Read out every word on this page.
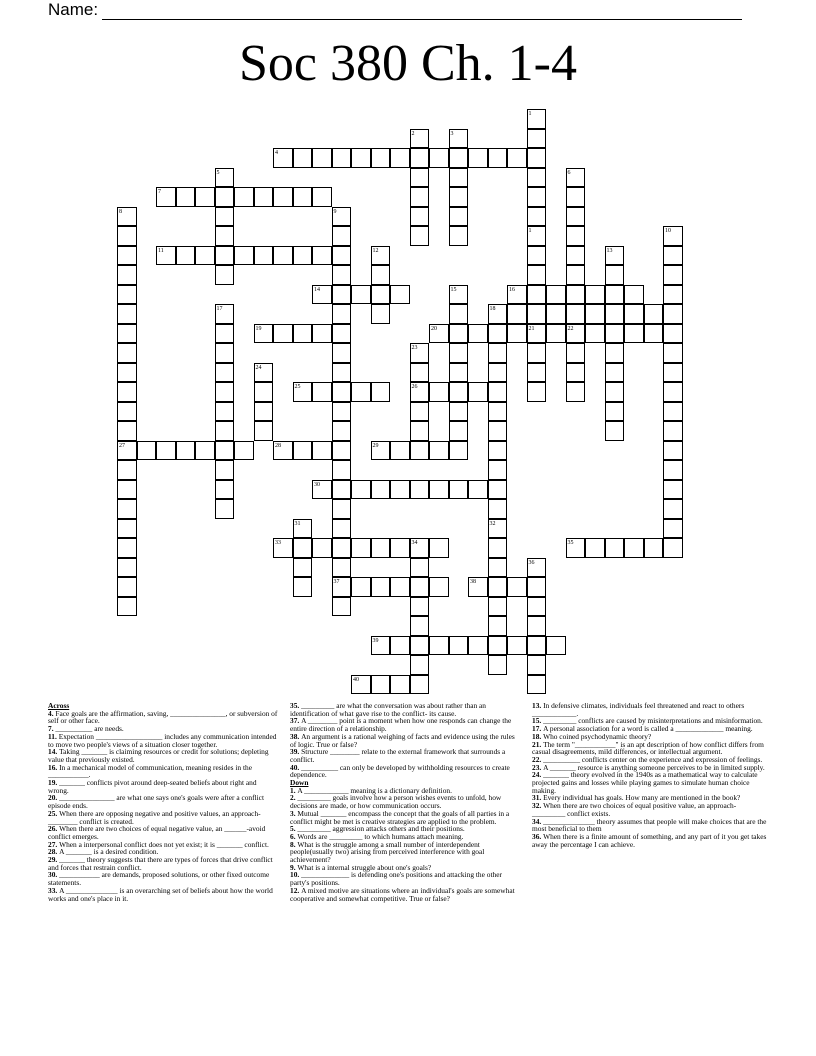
Name:
Soc 380 Ch. 1-4
1
1
21
2	3
4
5	6
7
8
27
9
37
10
11	12	13
14	15	16
17	18
32
19	20	22
23
26
24
25
28	29
30
31
33	34	35
36
38
39
40

Across

4. Face goals are the affirmation, saving, _______________, or subversion of self or other face.

7. __________ are needs.

11. Expectation __________________ includes any communication intended to move two people's views of a situation closer together.

14. Taking _______ is claiming resources or credit for solutions; depleting value that previously existed.

16. In a mechanical model of communication, meaning resides in the ___________.

19. _______ conflicts pivot around deep-seated beliefs about right and wrong.

20. _______________ are what one says one's goals were after a conflict episode ends.

25. When there are opposing negative and positive values, an approach-________ conflict is created.

26. When there are two choices of equal negative value, an ______-avoid conflict emerges.

27. When a interpersonal conflict does not yet exist; it is _______ conflict.

28. A _______ is a desired condition.

29. _______ theory suggests that there are types of forces that drive conflict and forces that restrain conflict.

30. ___________ are demands, proposed solutions, or other fixed outcome statements.

33. A ______________ is an overarching set of beliefs about how the world works and one's place in it.

35. _________ are what the conversation was about rather than an identification of what gave rise to the conflict- its cause.

37. A ________ point is a moment when how one responds can change the entire direction of a relationship.

38. An argument is a rational weighing of facts and evidence using the rules of logic. True or false?

39. Structure ________ relate to the external framework that surrounds a conflict.

40. __________ can only be developed by withholding resources to create dependence.

Down

1. A ____________ meaning is a dictionary definition.

2. _________ goals involve how a person wishes events to unfold, how decisions are made, or how communication occurs.

3. Mutual _______ encompass the concept that the goals of all parties in a conflict might be met is creative strategies are applied to the problem.

5. _________ aggression attacks others and their positions.

6. Words are _________ to which humans attach meaning.

8. What is the struggle among a small number of interdependent people(usually two) arising from perceived interference with goal achievement?

9. What is a internal struggle about one's goals?

10. _____________ is defending one's positions and attacking the other party's positions.

12. A mixed motive are situations where an individual's goals are somewhat cooperative and somewhat competitive. True or false?

13. In defensive climates, individuals feel threatened and react to others ____________.

15. _________ conflicts are caused by misinterpretations and misinformation.

17. A personal association for a word is called a _____________ meaning.

18. Who coined psychodynamic theory?

21. The term "___________" is an apt description of how conflict differs from casual disagreements, mild differences, or intellectual argument.

22. __________ conflicts center on the experience and expression of feelings.

23. A _______ resource is anything someone perceives to be in limited supply.

24. _______ theory evolved in the 1940s as a mathematical way to calculate projected gains and losses while playing games to simulate human choice making.

31. Every individual has goals. How many are mentioned in the book?

32. When there are two choices of equal positive value, an approach-_________ conflict exists.

34. ______________ theory assumes that people will make choices that are the most beneficial to them

36. When there is a finite amount of something, and any part of it you get takes away the percentage I can achieve.
